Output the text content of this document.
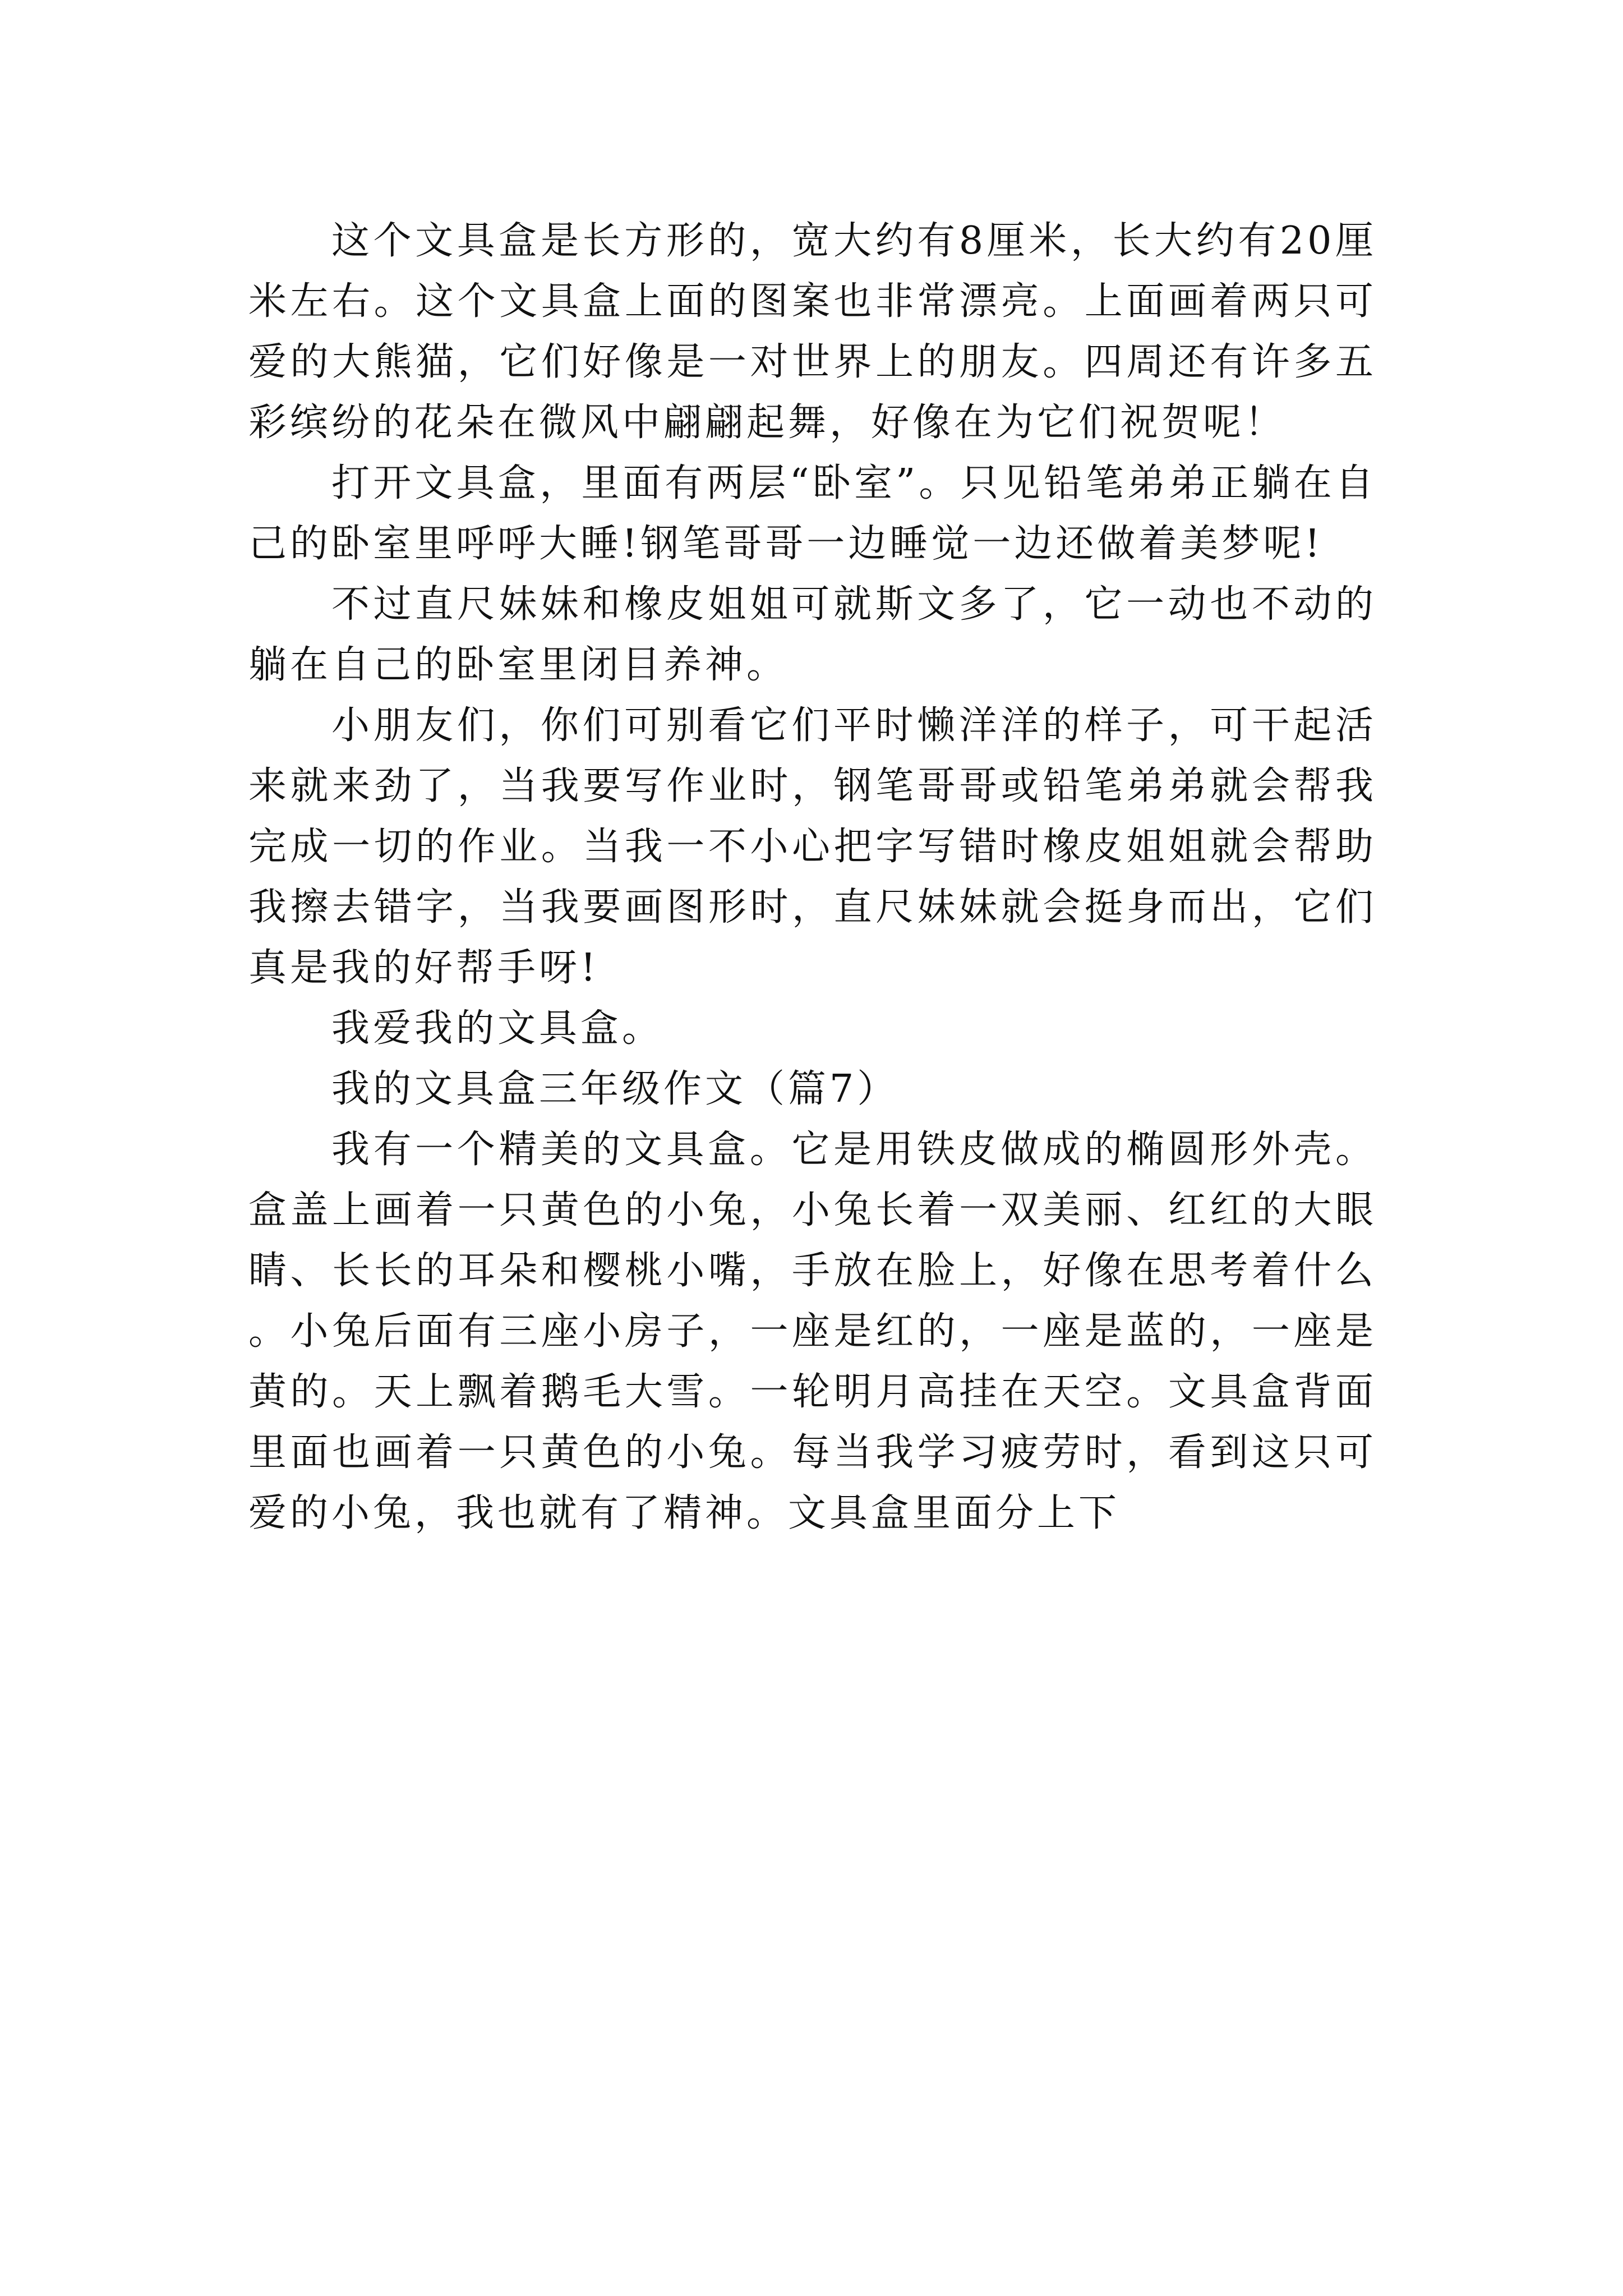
这个文具盒是长方形的，宽大约有8厘米，长大约有20厘米左右。这个文具盒上面的图案也非常漂亮。上面画着两只可爱的大熊猫，它们好像是一对世界上的朋友。四周还有许多五彩缤纷的花朵在微风中翩翩起舞，好像在为它们祝贺呢！

打开文具盒，里面有两层“卧室”。只见铅笔弟弟正躺在自己的卧室里呼呼大睡!钢笔哥哥一边睡觉一边还做着美梦呢!

不过直尺妹妹和橡皮姐姐可就斯文多了，它一动也不动的躺在自己的卧室里闭目养神。

小朋友们，你们可别看它们平时懒洋洋的样子，可干起活来就来劲了，当我要写作业时，钢笔哥哥或铅笔弟弟就会帮我完成一切的作业。当我一不小心把字写错时橡皮姐姐就会帮助我擦去错字，当我要画图形时，直尺妹妹就会挺身而出，它们真是我的好帮手呀!

我爱我的文具盒。

我的文具盒三年级作文（篇7）

我有一个精美的文具盒。它是用铁皮做成的椭圆形外壳。盒盖上画着一只黄色的小兔，小兔长着一双美丽、红红的大眼睛、长长的耳朵和樱桃小嘴，手放在脸上，好像在思考着什么。小兔后面有三座小房子，一座是红的，一座是蓝的，一座是黄的。天上飘着鹅毛大雪。一轮明月高挂在天空。文具盒背面里面也画着一只黄色的小兔。每当我学习疲劳时，看到这只可爱的小兔，我也就有了精神。文具盒里面分上下
